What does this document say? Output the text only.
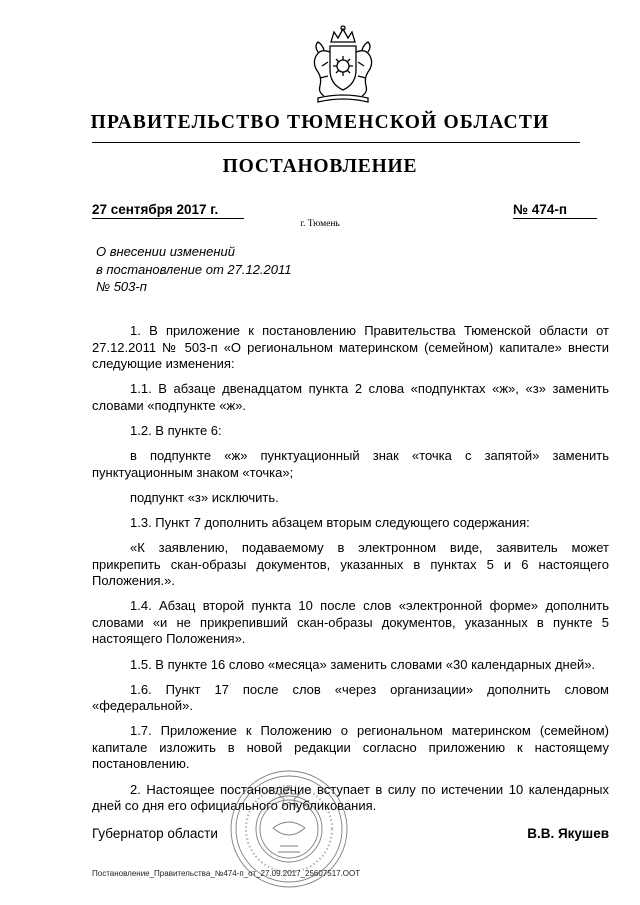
ПРАВИТЕЛЬСТВО ТЮМЕНСКОЙ ОБЛАСТИ
ПОСТАНОВЛЕНИЕ
27 сентября 2017 г.	№ 474-п
г. Тюмень
О внесении изменений
в постановление от 27.12.2011
№ 503-п

1. В приложение к постановлению Правительства Тюменской области от 27.12.2011 № 503-п «О региональном материнском (семейном) капитале» внести следующие изменения:

1.1. В абзаце двенадцатом пункта 2 слова «подпунктах «ж», «з» заменить словами «подпункте «ж».

1.2. В пункте 6:

в подпункте «ж» пунктуационный знак «точка с запятой» заменить пунктуационным знаком «точка»;

подпункт «з» исключить.

1.3. Пункт 7 дополнить абзацем вторым следующего содержания:

«К заявлению, подаваемому в электронном виде, заявитель может прикрепить скан-образы документов, указанных в пунктах 5 и 6 настоящего Положения.».

1.4. Абзац второй пункта 10 после слов «электронной форме» дополнить словами «и не прикрепивший скан-образы документов, указанных в пункте 5 настоящего Положения».

1.5. В пункте 16 слово «месяца» заменить словами «30 календарных дней».

1.6. Пункт 17 после слов «через организации» дополнить словом «федеральной».

1.7. Приложение к Положению о региональном материнском (семейном) капитале изложить в новой редакции согласно приложению к настоящему постановлению.

2. Настоящее постановление вступает в силу по истечении 10 календарных дней со дня его официального опубликования.

Губернатор области	В.В. Якушев
Постановление_Правительства_№474-п_от_27.09.2017_25607517.ООТ
